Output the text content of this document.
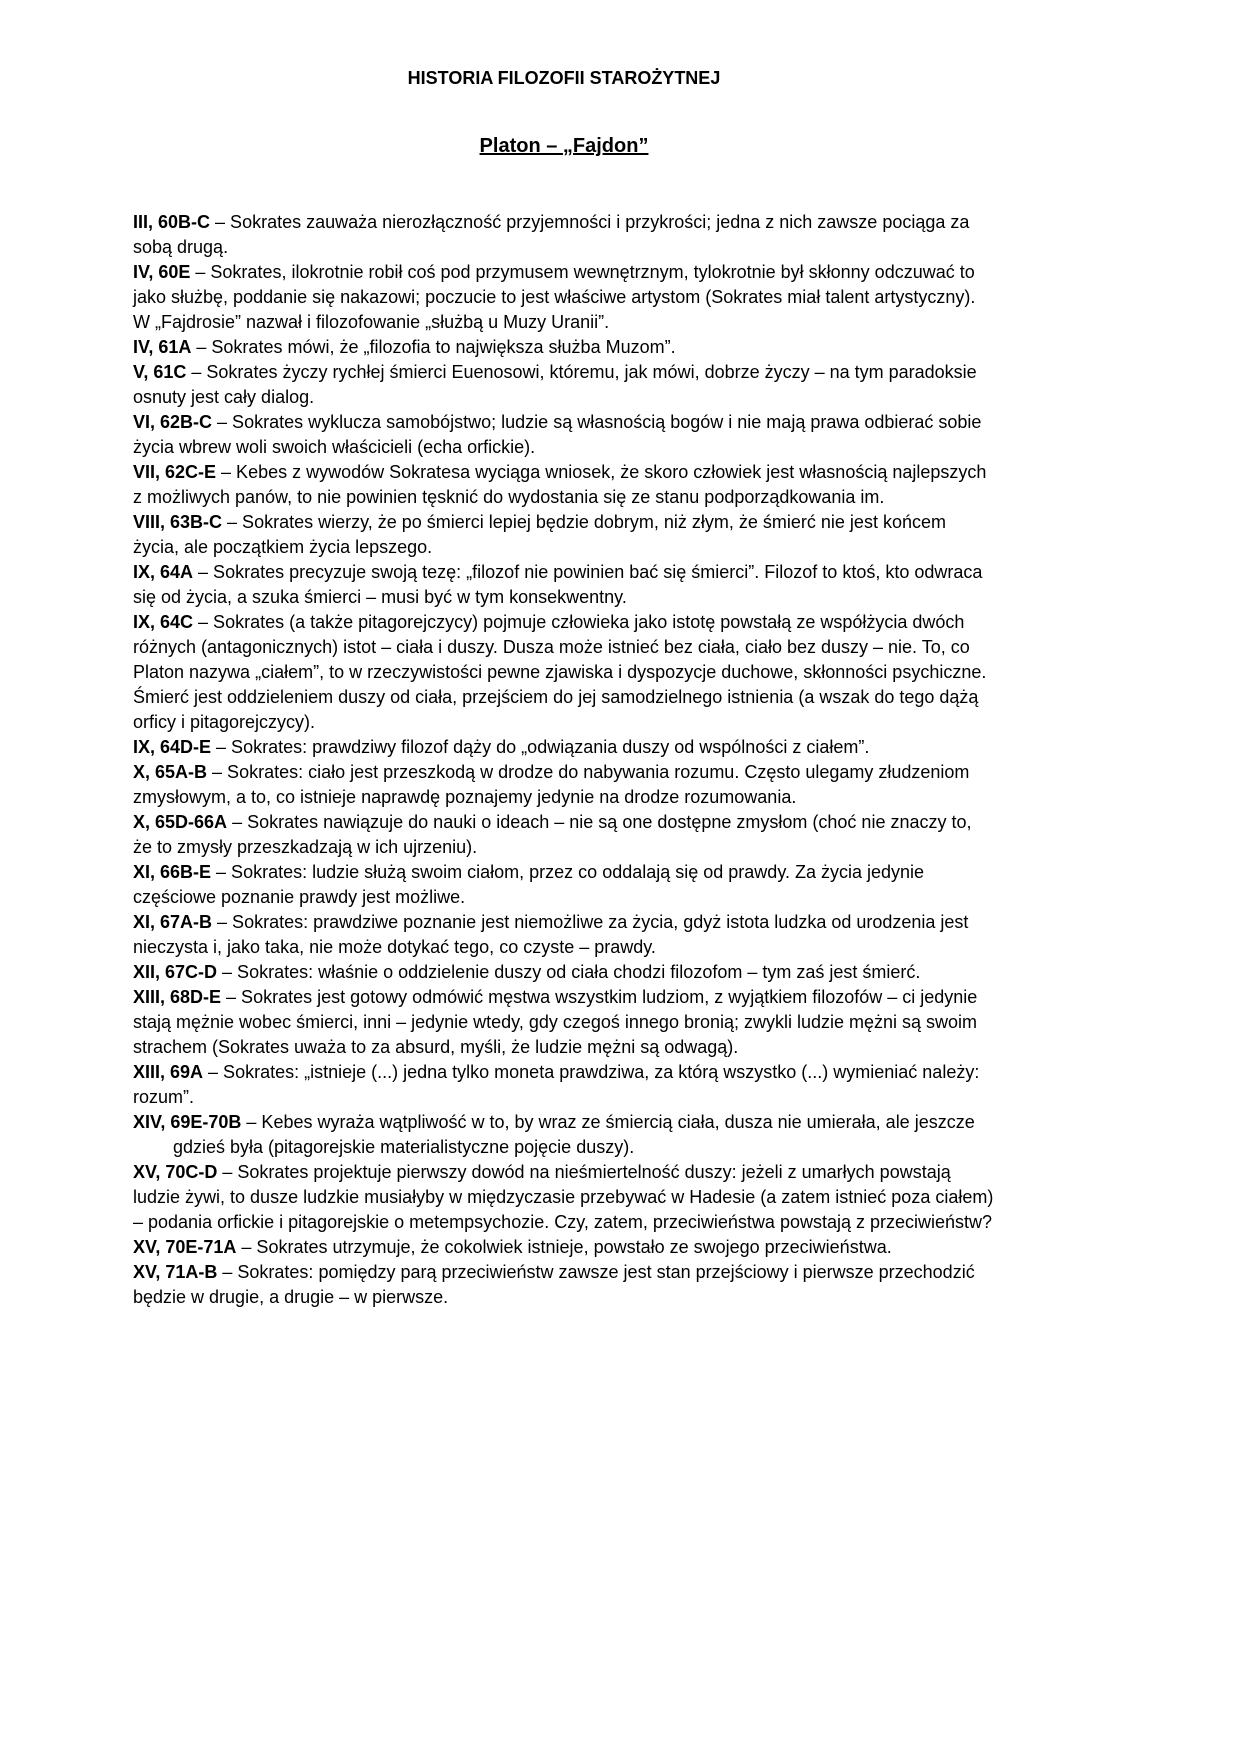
HISTORIA FILOZOFII STAROŻYTNEJ
Platon – „Fajdon”

III, 60B-C – Sokrates zauważa nierozłączność przyjemności i przykrości; jedna z nich zawsze pociąga za sobą drugą.

IV, 60E – Sokrates, ilokrotnie robił coś pod przymusem wewnętrznym, tylokrotnie był skłonny odczuwać to jako służbę, poddanie się nakazowi; poczucie to jest właściwe artystom (Sokrates miał talent artystyczny). W „Fajdrosie” nazwał i filozofowanie „służbą u Muzy Uranii”.

IV, 61A – Sokrates mówi, że „filozofia to największa służba Muzom”.

V, 61C – Sokrates życzy rychłej śmierci Euenosowi, któremu, jak mówi, dobrze życzy – na tym paradoksie osnuty jest cały dialog.

VI, 62B-C – Sokrates wyklucza samobójstwo; ludzie są własnością bogów i nie mają prawa odbierać sobie życia wbrew woli swoich właścicieli (echa orfickie).

VII, 62C-E – Kebes z wywodów Sokratesa wyciąga wniosek, że skoro człowiek jest własnością najlepszych z możliwych panów, to nie powinien tęsknić do wydostania się ze stanu podporządkowania im.

VIII, 63B-C – Sokrates wierzy, że po śmierci lepiej będzie dobrym, niż złym, że śmierć nie jest końcem życia, ale początkiem życia lepszego.

IX, 64A – Sokrates precyzuje swoją tezę: „filozof nie powinien bać się śmierci”. Filozof to ktoś, kto odwraca się od życia, a szuka śmierci – musi być w tym konsekwentny.

IX, 64C – Sokrates (a także pitagorejczycy) pojmuje człowieka jako istotę powstałą ze współżycia dwóch różnych (antagonicznych) istot – ciała i duszy. Dusza może istnieć bez ciała, ciało bez duszy – nie. To, co Platon nazywa „ciałem”, to w rzeczywistości pewne zjawiska i dyspozycje duchowe, skłonności psychiczne. Śmierć jest oddzieleniem duszy od ciała, przejściem do jej samodzielnego istnienia (a wszak do tego dążą orficy i pitagorejczycy).

IX, 64D-E – Sokrates: prawdziwy filozof dąży do „odwiązania duszy od wspólności z ciałem”.

X, 65A-B – Sokrates: ciało jest przeszkodą w drodze do nabywania rozumu. Często ulegamy złudzeniom zmysłowym, a to, co istnieje naprawdę poznajemy jedynie na drodze rozumowania.

X, 65D-66A – Sokrates nawiązuje do nauki o ideach – nie są one dostępne zmysłom (choć nie znaczy to, że to zmysły przeszkadzają w ich ujrzeniu).

XI, 66B-E – Sokrates: ludzie służą swoim ciałom, przez co oddalają się od prawdy. Za życia jedynie częściowe poznanie prawdy jest możliwe.

XI, 67A-B – Sokrates: prawdziwe poznanie jest niemożliwe za życia, gdyż istota ludzka od urodzenia jest nieczysta i, jako taka, nie może dotykać tego, co czyste – prawdy.

XII, 67C-D – Sokrates: właśnie o oddzielenie duszy od ciała chodzi filozofom – tym zaś jest śmierć.

XIII, 68D-E – Sokrates jest gotowy odmówić męstwa wszystkim ludziom, z wyjątkiem filozofów – ci jedynie stają mężnie wobec śmierci, inni – jedynie wtedy, gdy czegoś innego bronią; zwykli ludzie mężni są swoim strachem (Sokrates uważa to za absurd, myśli, że ludzie mężni są odwagą).

XIII, 69A – Sokrates: „istnieje (...) jedna tylko moneta prawdziwa, za którą wszystko (...) wymieniać należy: rozum”.

XIV, 69E-70B – Kebes wyraża wątpliwość w to, by wraz ze śmiercią ciała, dusza nie umierała, ale jeszcze gdzieś była (pitagorejskie materialistyczne pojęcie duszy).

XV, 70C-D – Sokrates projektuje pierwszy dowód na nieśmiertelność duszy: jeżeli z umarłych powstają ludzie żywi, to dusze ludzkie musiałyby w międzyczasie przebywać w Hadesie (a zatem istnieć poza ciałem) – podania orfickie i pitagorejskie o metempsychozie. Czy, zatem, przeciwieństwa powstają z przeciwieństw?

XV, 70E-71A – Sokrates utrzymuje, że cokolwiek istnieje, powstało ze swojego przeciwieństwa.

XV, 71A-B – Sokrates: pomiędzy parą przeciwieństw zawsze jest stan przejściowy i pierwsze przechodzić będzie w drugie, a drugie – w pierwsze.
